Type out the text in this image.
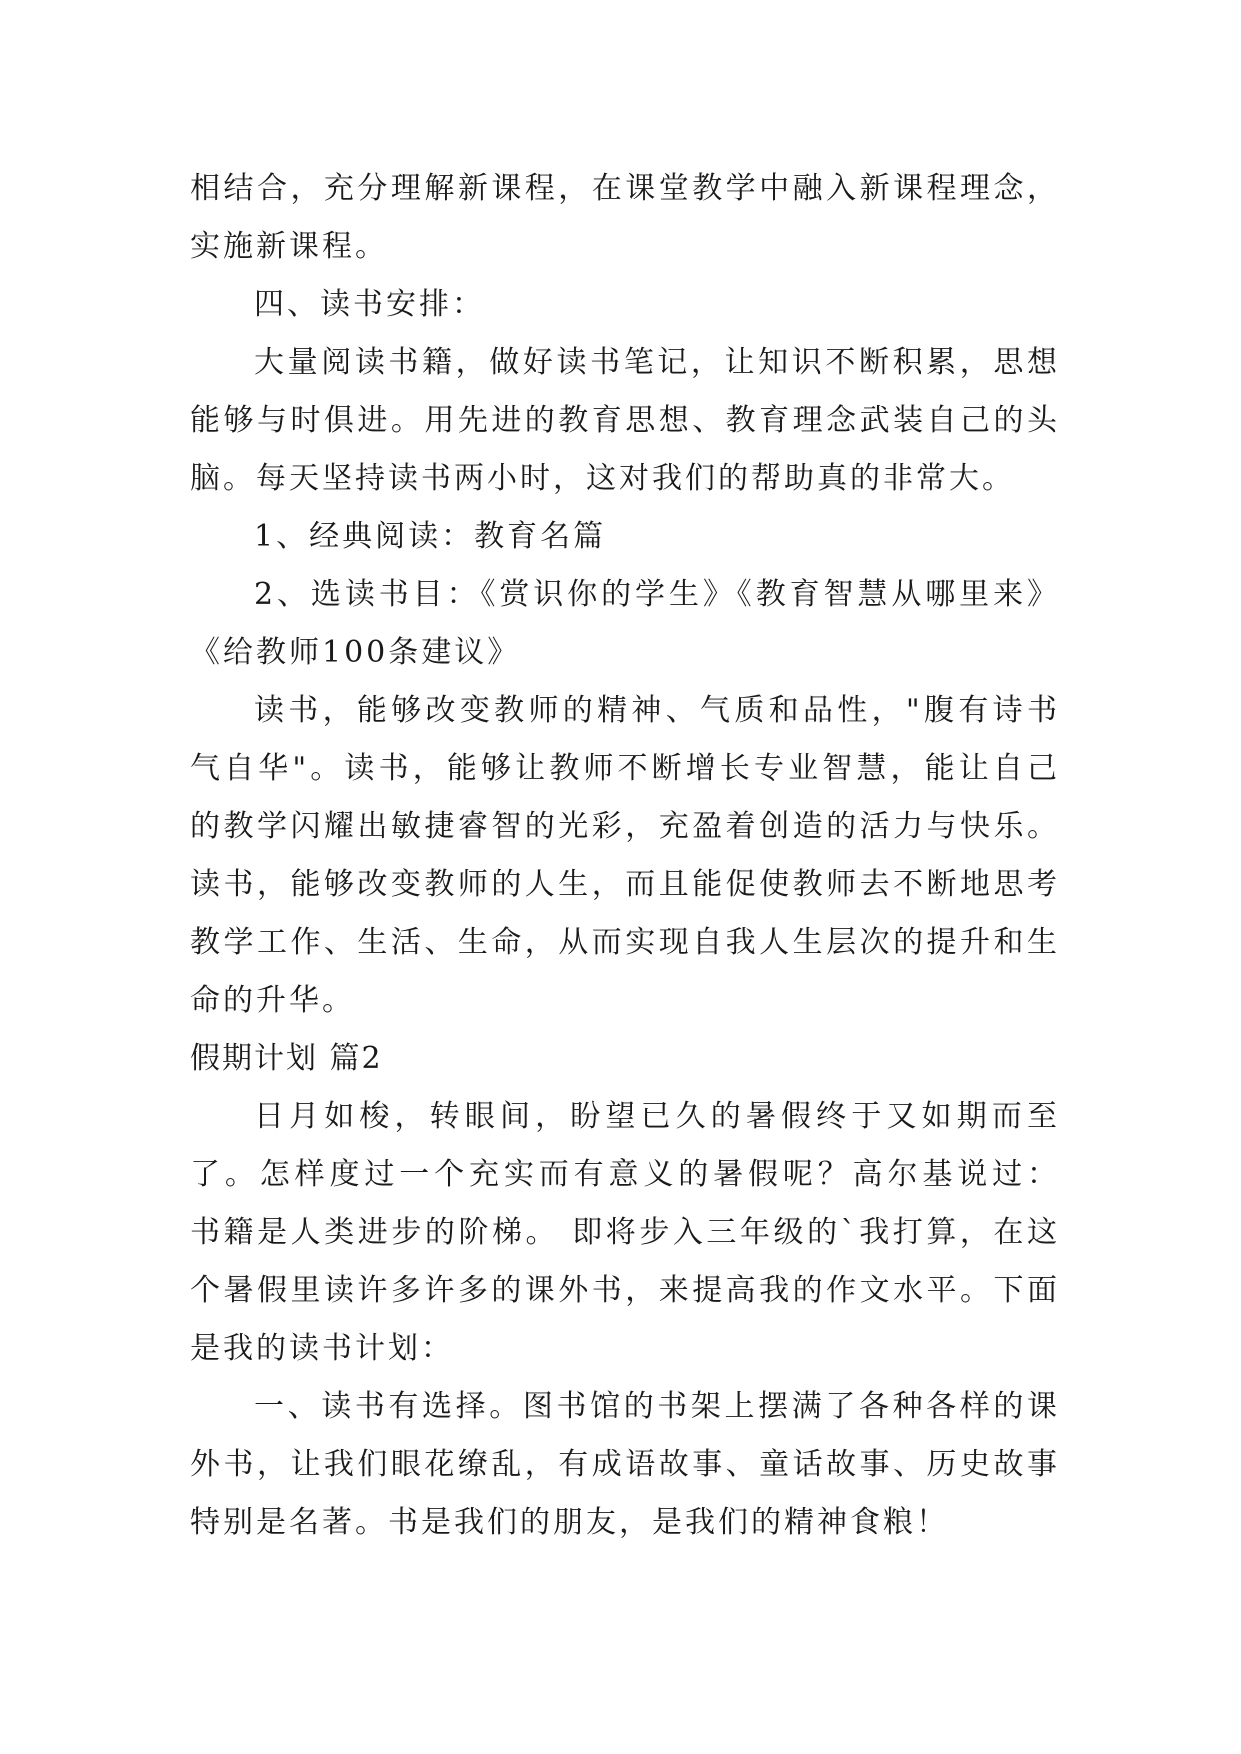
相结合，充分理解新课程，在课堂教学中融入新课程理念，实施新课程。

四、读书安排：

大量阅读书籍，做好读书笔记，让知识不断积累，思想能够与时俱进。用先进的教育思想、教育理念武装自己的头脑。每天坚持读书两小时，这对我们的帮助真的非常大。

1、经典阅读：教育名篇

2、选读书目：《赏识你的学生》《教育智慧从哪里来》《给教师100条建议》

读书，能够改变教师的精神、气质和品性，"腹有诗书气自华"。读书，能够让教师不断增长专业智慧，能让自己的教学闪耀出敏捷睿智的光彩，充盈着创造的活力与快乐。读书，能够改变教师的人生，而且能促使教师去不断地思考教学工作、生活、生命，从而实现自我人生层次的提升和生命的升华。

假期计划 篇2

日月如梭，转眼间，盼望已久的暑假终于又如期而至了。怎样度过一个充实而有意义的暑假呢？高尔基说过： 书籍是人类进步的阶梯。 即将步入三年级的`我打算，在这个暑假里读许多许多的课外书，来提高我的作文水平。下面是我的读书计划：

一、读书有选择。图书馆的书架上摆满了各种各样的课外书，让我们眼花缭乱，有成语故事、童话故事、历史故事特别是名著。书是我们的朋友，是我们的精神食粮！
